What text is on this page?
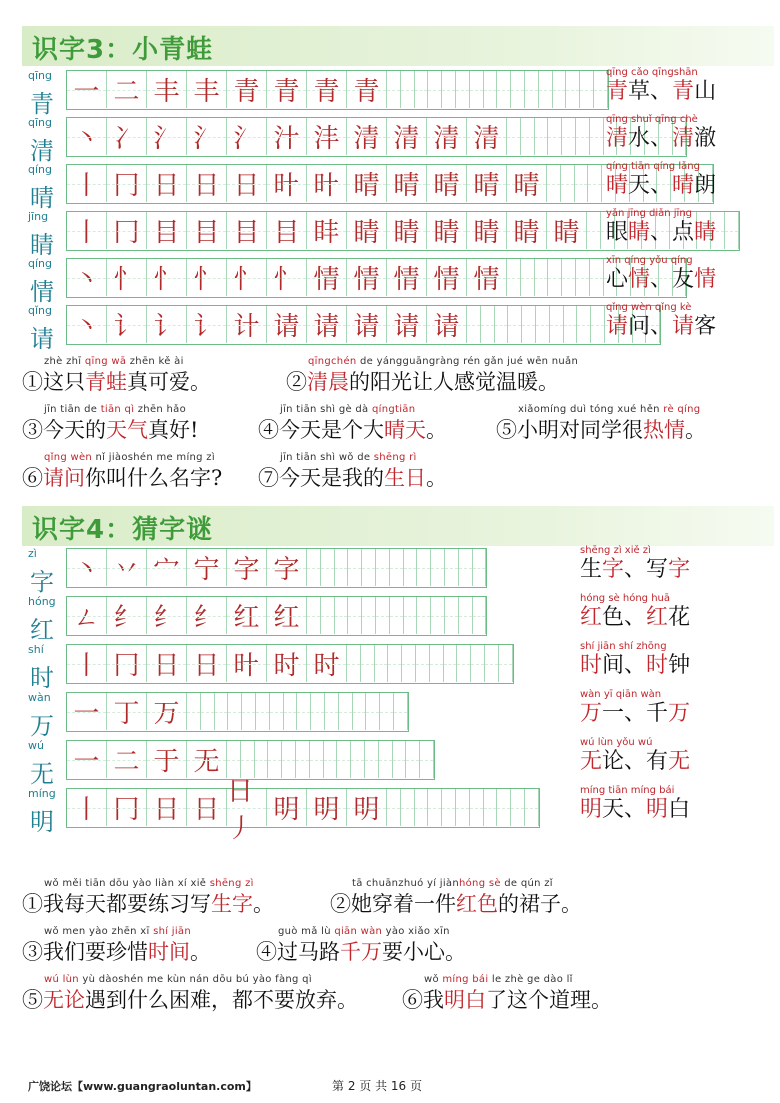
识字3：小青蛙
qīng
青 一 二 丰 丰 青 青 青 青
qīng cǎo qīngshān
青草、青山
qīng
清 丶 冫 氵 氵 氵 汁 沣 清 清 清 清
qīng shuǐ qīng chè
清水、清澈
qíng
晴 丨 冂 日 日 日 旪 旪 晴 晴 晴 晴 晴
qíng tiān qíng lǎng
晴天、晴朗
jīng
睛 丨 冂 目 目 目 目 盽 睛 睛 睛 睛 睛 睛
yǎn jīng diǎn jīng
眼睛、点睛
qíng
情 丶 忄 忄 忄 忄 忄 情 情 情 情 情
xīn qíng yǒu qíng
心情、友情
qǐng
请 丶 讠 讠 讠 计 请 请 请 请 请
qǐng wèn qǐng kè
请问、请客
zhè zhī qīng wā zhēn kě ài
①这只青蛙真可爱。
qīngchén de yángguāngràng rén gǎn jué wēn nuǎn
②清晨的阳光让人感觉温暖。
jīn tiān de tiān qì zhēn hǎo
③今天的天气真好!
jīn tiān shì gè dà qíngtiān
④今天是个大晴天。
xiǎomíng duì tóng xué hěn rè qíng
⑤小明对同学很热情。
qǐng wèn nǐ jiàoshén me míng zì
⑥请问你叫什么名字?
jīn tiān shì wǒ de shēng rì
⑦今天是我的生日。
识字4：猜字谜
zì
字 丶 丷 宀 宁 字 字
shēng zì xiě zì
生字、写字
hóng
红 ㄥ 纟 纟 纟 红 红
hóng sè hóng huā
红色、红花
shí
时 丨 冂 日 日 旪 时 时
shí jiān shí zhōng
时间、时钟
wàn
万 一 丁 万
wàn yī qiān wàn
万一、千万
wú
无 一 二 于 无
wú lùn yǒu wú
无论、有无
míng
明 丨 冂 日 日
日丿
明 明 明
míng tiān míng bái
明天、明白
wǒ měi tiān dōu yào liàn xí xiě shēng zì
①我每天都要练习写生字。
tā chuānzhuó yí jiànhóng sè de qún zǐ
②她穿着一件红色的裙子。
wǒ men yào zhēn xī shí jiān
③我们要珍惜时间。
guò mǎ lù qiān wàn yào xiǎo xīn
④过马路千万要小心。
wú lùn yù dàoshén me kùn nán dōu bú yào fàng qì
⑤无论遇到什么困难，都不要放弃。
wǒ míng bái le zhè ge dào lǐ
⑥我明白了这个道理。
广饶论坛【www.guangraoluntan.com】	第 2 页 共 16 页
